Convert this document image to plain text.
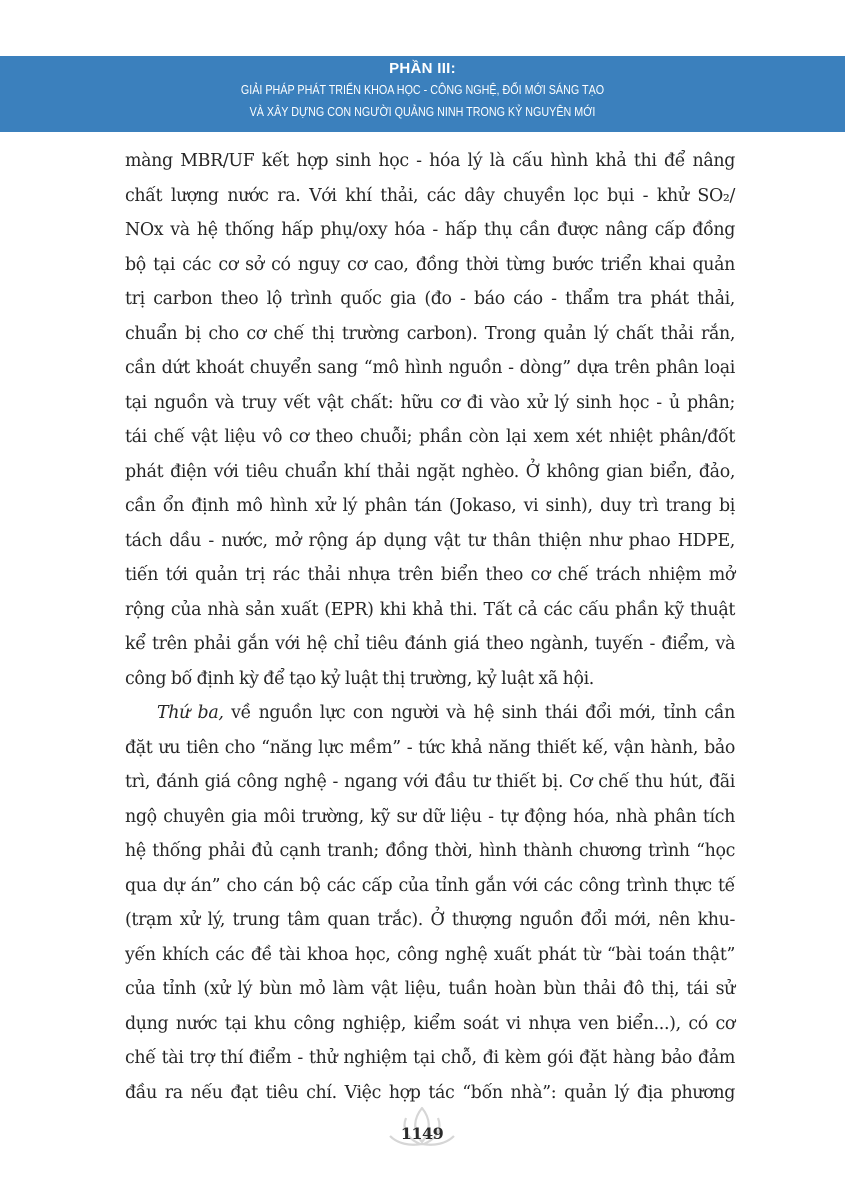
PHẦN III:
GIẢI PHÁP PHÁT TRIỂN KHOA HỌC - CÔNG NGHỆ, ĐỔI MỚI SÁNG TẠO
VÀ XÂY DỰNG CON NGƯỜI QUẢNG NINH TRONG KỶ NGUYÊN MỚI
màng MBR/UF kết hợp sinh học - hóa lý là cấu hình khả thi để nâng
chất lượng nước ra. Với khí thải, các dây chuyền lọc bụi - khử SO₂/
NOx và hệ thống hấp phụ/oxy hóa - hấp thụ cần được nâng cấp đồng
bộ tại các cơ sở có nguy cơ cao, đồng thời từng bước triển khai quản
trị carbon theo lộ trình quốc gia (đo - báo cáo - thẩm tra phát thải,
chuẩn bị cho cơ chế thị trường carbon). Trong quản lý chất thải rắn,
cần dứt khoát chuyển sang “mô hình nguồn - dòng” dựa trên phân loại
tại nguồn và truy vết vật chất: hữu cơ đi vào xử lý sinh học - ủ phân;
tái chế vật liệu vô cơ theo chuỗi; phần còn lại xem xét nhiệt phân/đốt
phát điện với tiêu chuẩn khí thải ngặt nghèo. Ở không gian biển, đảo,
cần ổn định mô hình xử lý phân tán (Jokaso, vi sinh), duy trì trang bị
tách dầu - nước, mở rộng áp dụng vật tư thân thiện như phao HDPE,
tiến tới quản trị rác thải nhựa trên biển theo cơ chế trách nhiệm mở
rộng của nhà sản xuất (EPR) khi khả thi. Tất cả các cấu phần kỹ thuật
kể trên phải gắn với hệ chỉ tiêu đánh giá theo ngành, tuyến - điểm, và
công bố định kỳ để tạo kỷ luật thị trường, kỷ luật xã hội.
Thứ ba, về nguồn lực con người và hệ sinh thái đổi mới, tỉnh cần
đặt ưu tiên cho “năng lực mềm” - tức khả năng thiết kế, vận hành, bảo
trì, đánh giá công nghệ - ngang với đầu tư thiết bị. Cơ chế thu hút, đãi
ngộ chuyên gia môi trường, kỹ sư dữ liệu - tự động hóa, nhà phân tích
hệ thống phải đủ cạnh tranh; đồng thời, hình thành chương trình “học
qua dự án” cho cán bộ các cấp của tỉnh gắn với các công trình thực tế
(trạm xử lý, trung tâm quan trắc). Ở thượng nguồn đổi mới, nên khu-
yến khích các đề tài khoa học, công nghệ xuất phát từ “bài toán thật”
của tỉnh (xử lý bùn mỏ làm vật liệu, tuần hoàn bùn thải đô thị, tái sử
dụng nước tại khu công nghiệp, kiểm soát vi nhựa ven biển...), có cơ
chế tài trợ thí điểm - thử nghiệm tại chỗ, đi kèm gói đặt hàng bảo đảm
đầu ra nếu đạt tiêu chí. Việc hợp tác “bốn nhà”: quản lý địa phương
1149
